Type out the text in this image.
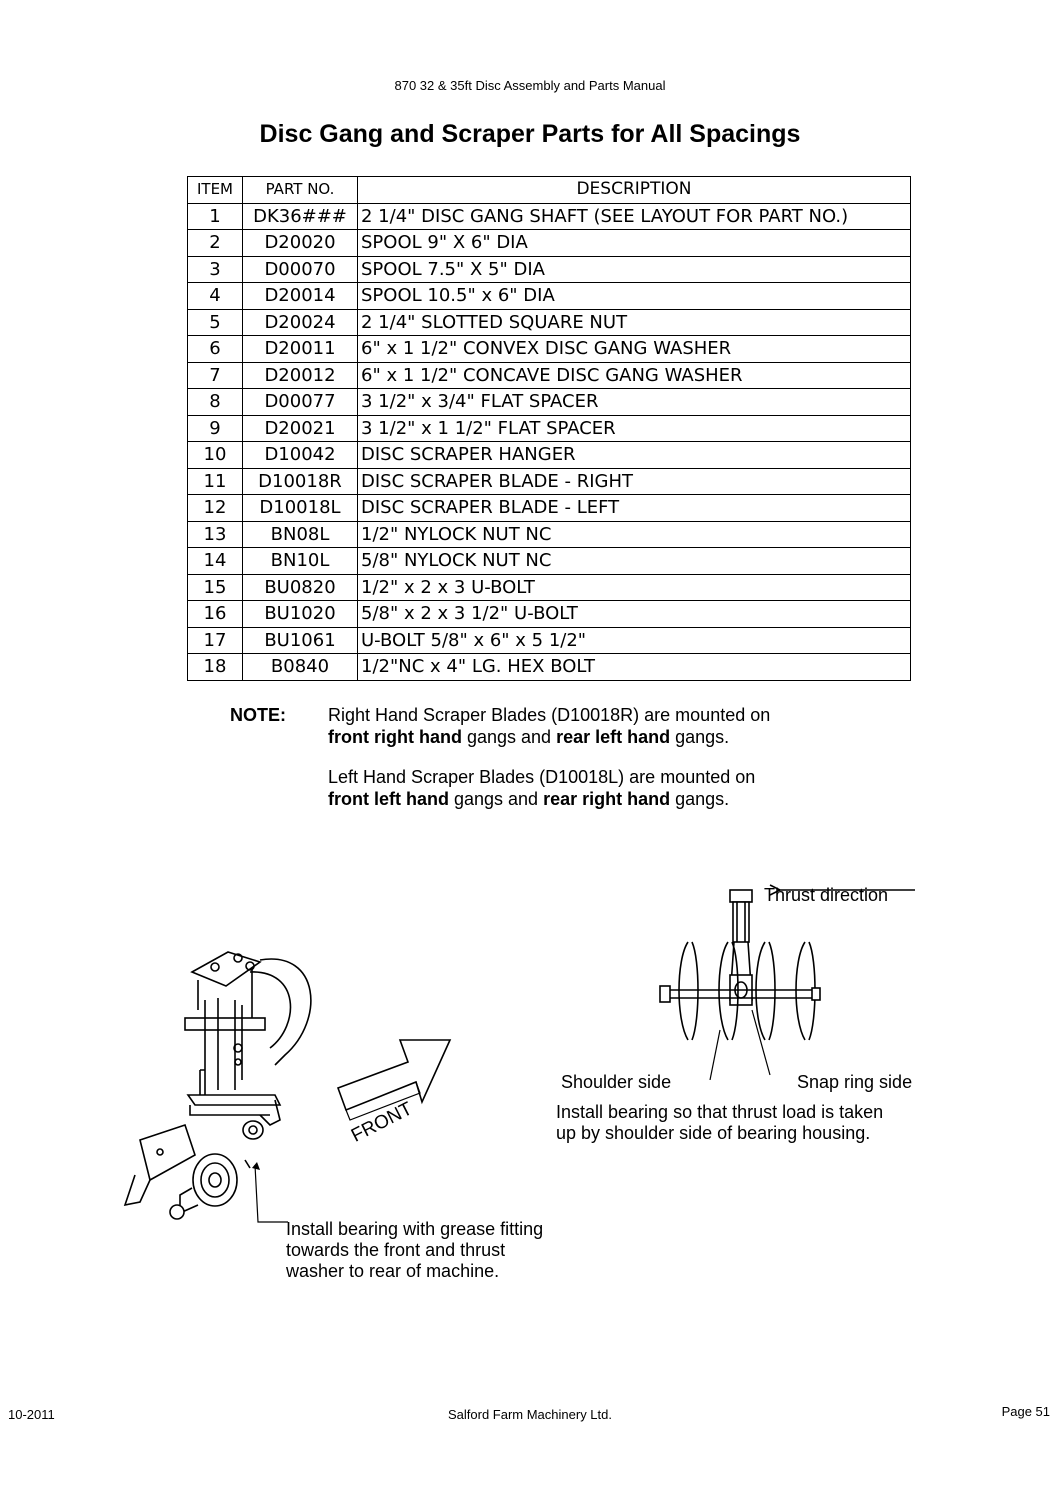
870 32 & 35ft Disc Assembly and Parts Manual
Disc Gang and Scraper Parts for All Spacings
ITEM	PART NO.	DESCRIPTION
1	DK36###	2 1/4" DISC GANG SHAFT (SEE LAYOUT FOR PART NO.)
2	D20020	SPOOL 9" X 6" DIA
3	D00070	SPOOL 7.5" X 5" DIA
4	D20014	SPOOL 10.5" x 6" DIA
5	D20024	2 1/4" SLOTTED SQUARE NUT
6	D20011	6" x 1 1/2" CONVEX DISC GANG WASHER
7	D20012	6" x 1 1/2" CONCAVE DISC GANG WASHER
8	D00077	3 1/2" x 3/4" FLAT SPACER
9	D20021	3 1/2" x 1 1/2" FLAT SPACER
10	D10042	DISC SCRAPER HANGER
11	D10018R	DISC SCRAPER BLADE - RIGHT
12	D10018L	DISC SCRAPER BLADE - LEFT
13	BN08L	1/2" NYLOCK NUT NC
14	BN10L	5/8" NYLOCK NUT NC
15	BU0820	1/2" x 2 x 3 U-BOLT
16	BU1020	5/8" x 2 x 3 1/2" U-BOLT
17	BU1061	U-BOLT 5/8" x 6" x 5 1/2"
18	B0840	1/2"NC x 4" LG. HEX BOLT
NOTE: Right Hand Scraper Blades (D10018R) are mounted on
front right hand gangs and rear left hand gangs.
Left Hand Scraper Blades (D10018L) are mounted on
front left hand gangs and rear right hand gangs.
FRONT
Install bearing with grease fitting
towards the front and thrust
washer to rear of machine.
Thrust direction
Shoulder side	Snap ring side
Install bearing so that thrust load is taken
up by shoulder side of bearing housing.
10-2011	Salford Farm Machinery Ltd.	Page 51
